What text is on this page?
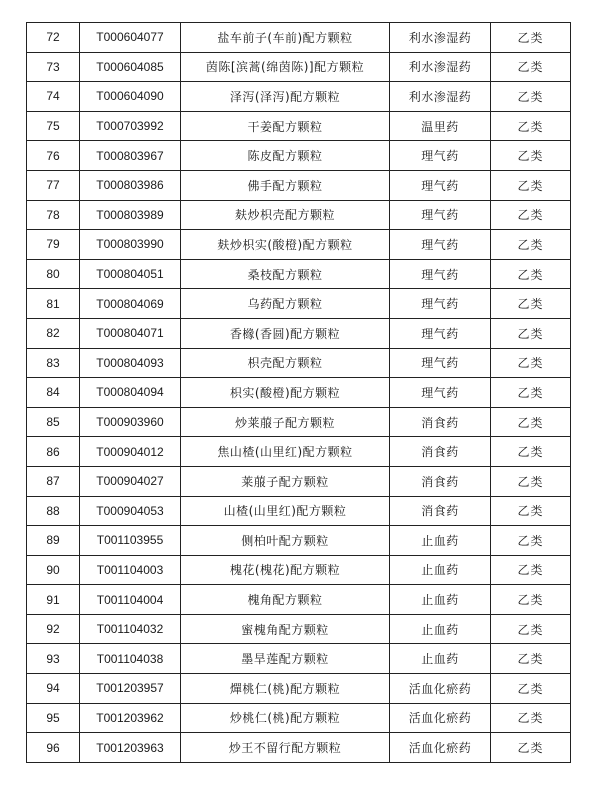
72	T000604077	盐车前子(车前)配方颗粒	利水渗湿药	乙类
73	T000604085	茵陈[滨蒿(绵茵陈)]配方颗粒	利水渗湿药	乙类
74	T000604090	泽泻(泽泻)配方颗粒	利水渗湿药	乙类
75	T000703992	干姜配方颗粒	温里药	乙类
76	T000803967	陈皮配方颗粒	理气药	乙类
77	T000803986	佛手配方颗粒	理气药	乙类
78	T000803989	麸炒枳壳配方颗粒	理气药	乙类
79	T000803990	麸炒枳实(酸橙)配方颗粒	理气药	乙类
80	T000804051	桑枝配方颗粒	理气药	乙类
81	T000804069	乌药配方颗粒	理气药	乙类
82	T000804071	香橼(香圆)配方颗粒	理气药	乙类
83	T000804093	枳壳配方颗粒	理气药	乙类
84	T000804094	枳实(酸橙)配方颗粒	理气药	乙类
85	T000903960	炒莱菔子配方颗粒	消食药	乙类
86	T000904012	焦山楂(山里红)配方颗粒	消食药	乙类
87	T000904027	莱菔子配方颗粒	消食药	乙类
88	T000904053	山楂(山里红)配方颗粒	消食药	乙类
89	T001103955	侧柏叶配方颗粒	止血药	乙类
90	T001104003	槐花(槐花)配方颗粒	止血药	乙类
91	T001104004	槐角配方颗粒	止血药	乙类
92	T001104032	蜜槐角配方颗粒	止血药	乙类
93	T001104038	墨旱莲配方颗粒	止血药	乙类
94	T001203957	燀桃仁(桃)配方颗粒	活血化瘀药	乙类
95	T001203962	炒桃仁(桃)配方颗粒	活血化瘀药	乙类
96	T001203963	炒王不留行配方颗粒	活血化瘀药	乙类
